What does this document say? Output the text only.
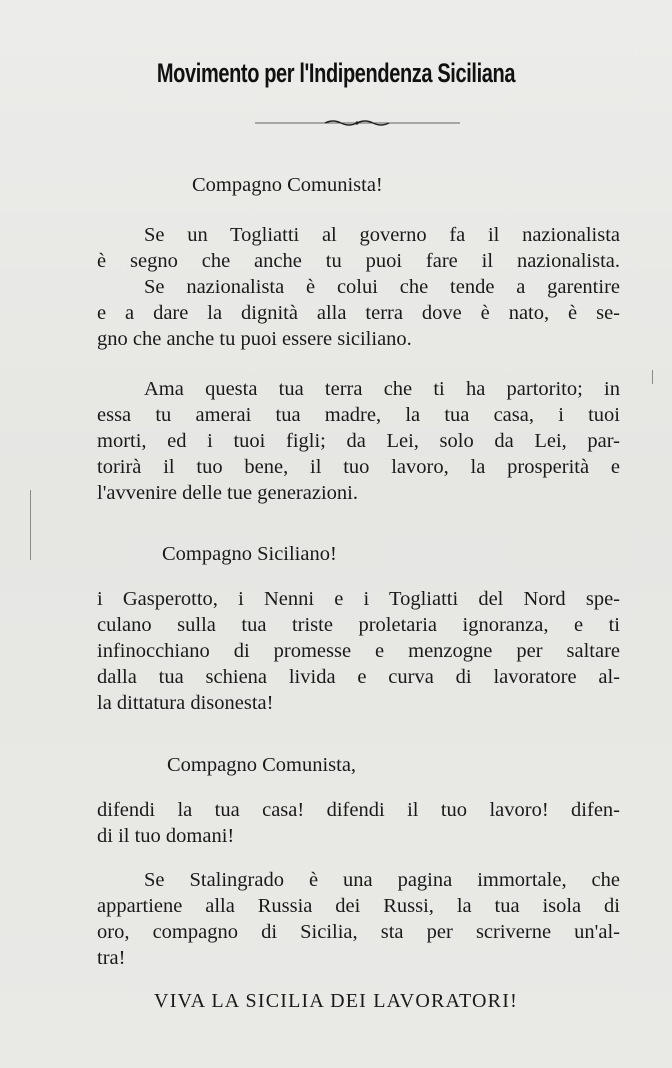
Movimento per l'Indipendenza Siciliana
Compagno Comunista!
Se un Togliatti al governo fa il nazionalista
è segno che anche tu puoi fare il nazionalista.
Se nazionalista è colui che tende a garentire
e a dare la dignità alla terra dove è nato, è se-
gno che anche tu puoi essere siciliano.
Ama questa tua terra che ti ha partorito; in
essa tu amerai tua madre, la tua casa, i tuoi
morti, ed i tuoi figli; da Lei, solo da Lei, par-
torirà il tuo bene, il tuo lavoro, la prosperità e
l'avvenire delle tue generazioni.
Compagno Siciliano!
i Gasperotto, i Nenni e i Togliatti del Nord spe-
culano sulla tua triste proletaria ignoranza, e ti
infinocchiano di promesse e menzogne per saltare
dalla tua schiena livida e curva di lavoratore al-
la dittatura disonesta!
Compagno Comunista,
difendi la tua casa! difendi il tuo lavoro! difen-
di il tuo domani!
Se Stalingrado è una pagina immortale, che
appartiene alla Russia dei Russi, la tua isola di
oro, compagno di Sicilia, sta per scriverne un'al-
tra!
VIVA LA SICILIA DEI LAVORATORI!
